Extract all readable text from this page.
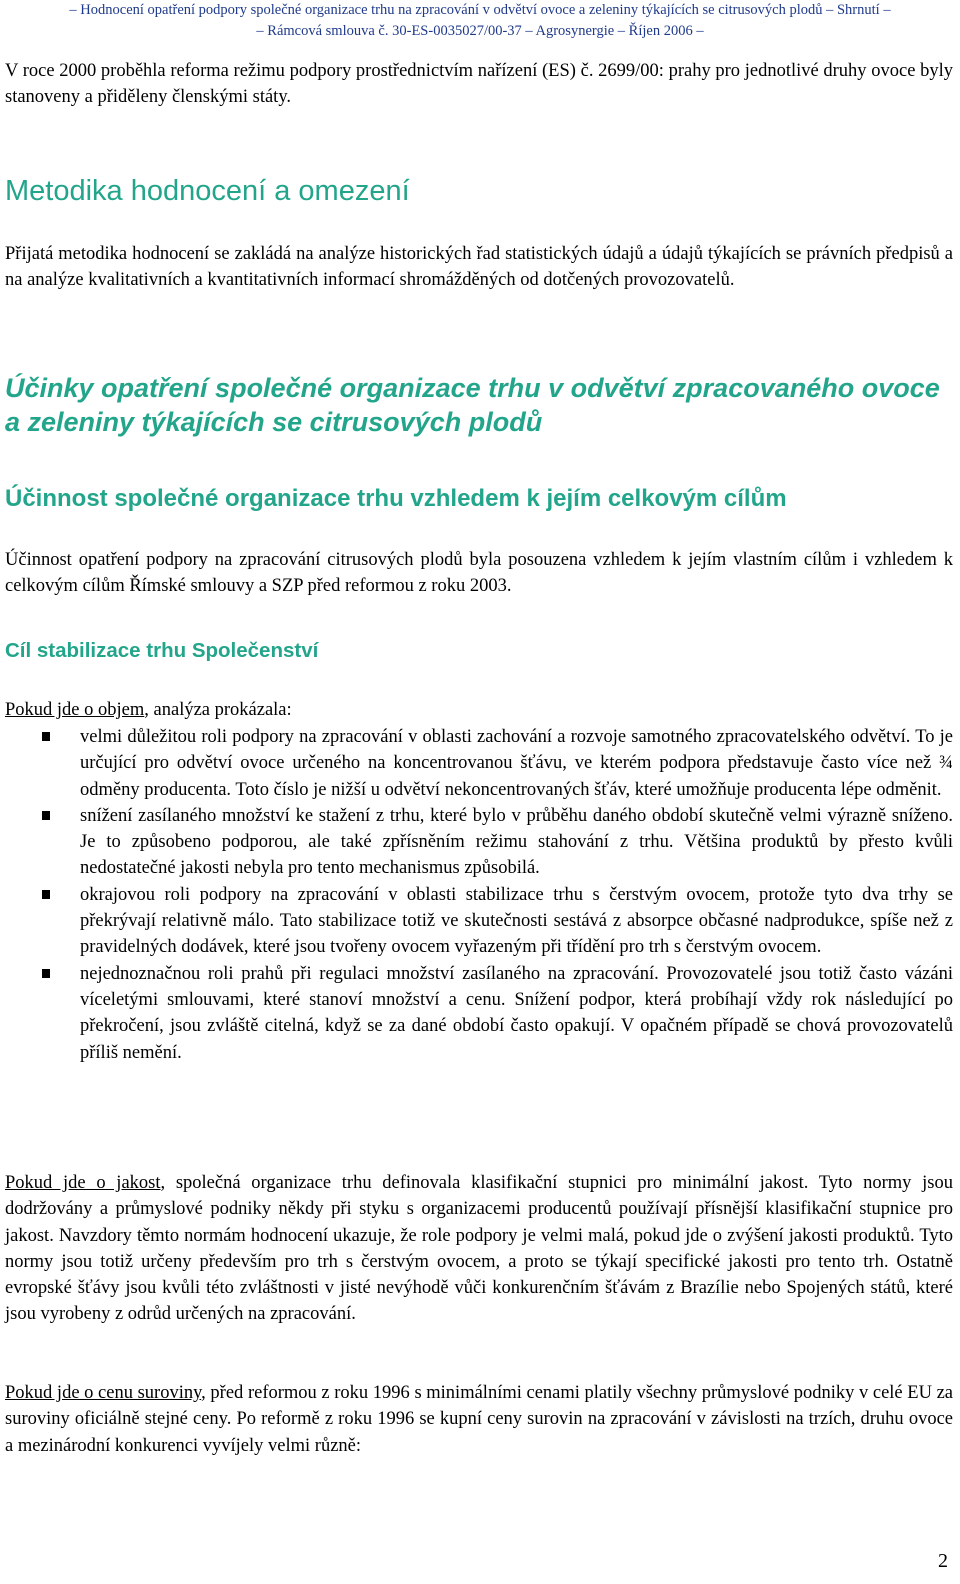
– Hodnocení opatření podpory společné organizace trhu na zpracování v odvětví ovoce a zeleniny týkajících se citrusových plodů – Shrnutí –
– Rámcová smlouva č. 30-ES-0035027/00-37 – Agrosynergie – Říjen 2006 –

V roce 2000 proběhla reforma režimu podpory prostřednictvím nařízení (ES) č. 2699/00: prahy pro jednotlivé druhy ovoce byly stanoveny a přiděleny členskými státy.

Metodika hodnocení a omezení

Přijatá metodika hodnocení se zakládá na analýze historických řad statistických údajů a údajů týkajících se právních předpisů a na analýze kvalitativních a kvantitativních informací shromážděných od dotčených provozovatelů.

Účinky opatření společné organizace trhu v odvětví zpracovaného ovoce a zeleniny týkajících se citrusových plodů
Účinnost společné organizace trhu vzhledem k jejím celkovým cílům

Účinnost opatření podpory na zpracování citrusových plodů byla posouzena vzhledem k jejím vlastním cílům i vzhledem k celkovým cílům Římské smlouvy a SZP před reformou z roku 2003.

Cíl stabilizace trhu Společenství

Pokud jde o objem, analýza prokázala:

velmi důležitou roli podpory na zpracování v oblasti zachování a rozvoje samotného zpracovatelského odvětví. To je určující pro odvětví ovoce určeného na koncentrovanou šťávu, ve kterém podpora představuje často více než ¾ odměny producenta. Toto číslo je nižší u odvětví nekoncentrovaných šťáv, které umožňuje producenta lépe odměnit.
snížení zasílaného množství ke stažení z trhu, které bylo v průběhu daného období skutečně velmi výrazně sníženo. Je to způsobeno podporou, ale také zpřísněním režimu stahování z trhu. Většina produktů by přesto kvůli nedostatečné jakosti nebyla pro tento mechanismus způsobilá.
okrajovou roli podpory na zpracování v oblasti stabilizace trhu s čerstvým ovocem, protože tyto dva trhy se překrývají relativně málo. Tato stabilizace totiž ve skutečnosti sestává z absorpce občasné nadprodukce, spíše než z pravidelných dodávek, které jsou tvořeny ovocem vyřazeným při třídění pro trh s čerstvým ovocem.
nejednoznačnou roli prahů při regulaci množství zasílaného na zpracování. Provozovatelé jsou totiž často vázáni víceletými smlouvami, které stanoví množství a cenu. Snížení podpor, která probíhají vždy rok následující po překročení, jsou zvláště citelná, když se za dané období často opakují. V opačném případě se chová provozovatelů příliš nemění.

Pokud jde o jakost, společná organizace trhu definovala klasifikační stupnici pro minimální jakost. Tyto normy jsou dodržovány a průmyslové podniky někdy při styku s organizacemi producentů používají přísnější klasifikační stupnice pro jakost. Navzdory těmto normám hodnocení ukazuje, že role podpory je velmi malá, pokud jde o zvýšení jakosti produktů. Tyto normy jsou totiž určeny především pro trh s čerstvým ovocem, a proto se týkají specifické jakosti pro tento trh. Ostatně evropské šťávy jsou kvůli této zvláštnosti v jisté nevýhodě vůči konkurenčním šťávám z Brazílie nebo Spojených států, které jsou vyrobeny z odrůd určených na zpracování.

Pokud jde o cenu suroviny, před reformou z roku 1996 s minimálními cenami platily všechny průmyslové podniky v celé EU za suroviny oficiálně stejné ceny. Po reformě z roku 1996 se kupní ceny surovin na zpracování v závislosti na trzích, druhu ovoce a mezinárodní konkurenci vyvíjely velmi různě:

2
